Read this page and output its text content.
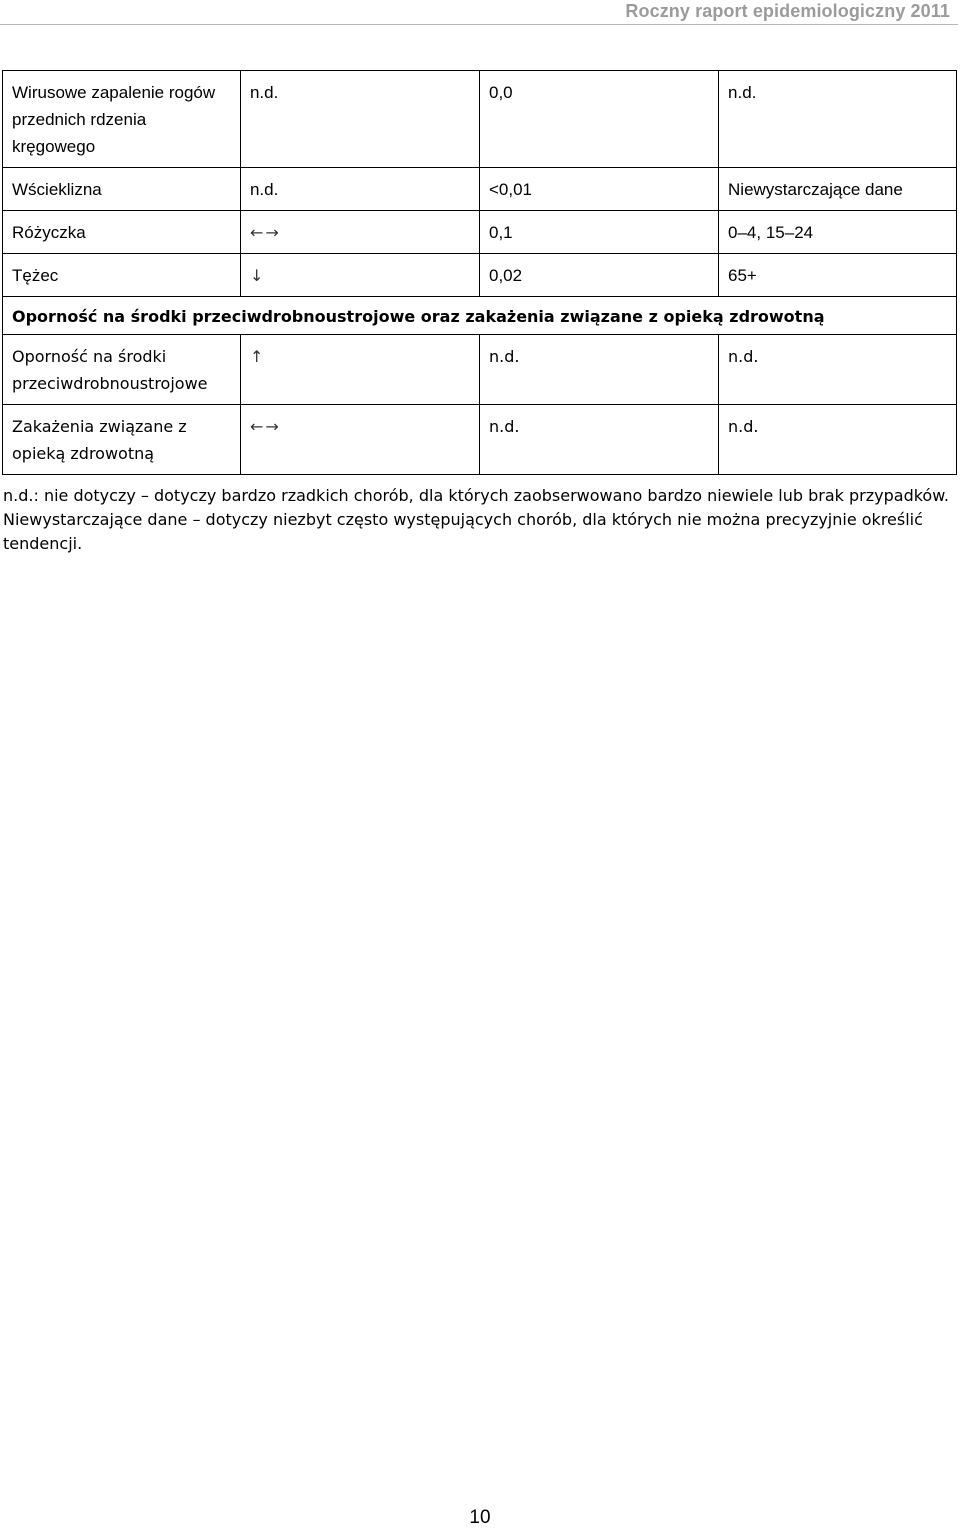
Roczny raport epidemiologiczny 2011
Wirusowe zapalenie rogów przednich rdzenia kręgowego	n.d.	0,0	n.d.
Wścieklizna	n.d.	<0,01	Niewystarczające dane
Różyczka	←→	0,1	0–4, 15–24
Tężec	↓	0,02	65+
Oporność na środki przeciwdrobnoustrojowe oraz zakażenia związane z opieką zdrowotną			
Oporność na środki przeciwdrobnoustrojowe	↑	n.d.	n.d.
Zakażenia związane z opieką zdrowotną	←→	n.d.	n.d.

n.d.: nie dotyczy – dotyczy bardzo rzadkich chorób, dla których zaobserwowano bardzo niewiele lub brak przypadków.

Niewystarczające dane – dotyczy niezbyt często występujących chorób, dla których nie można precyzyjnie określić tendencji.

10
